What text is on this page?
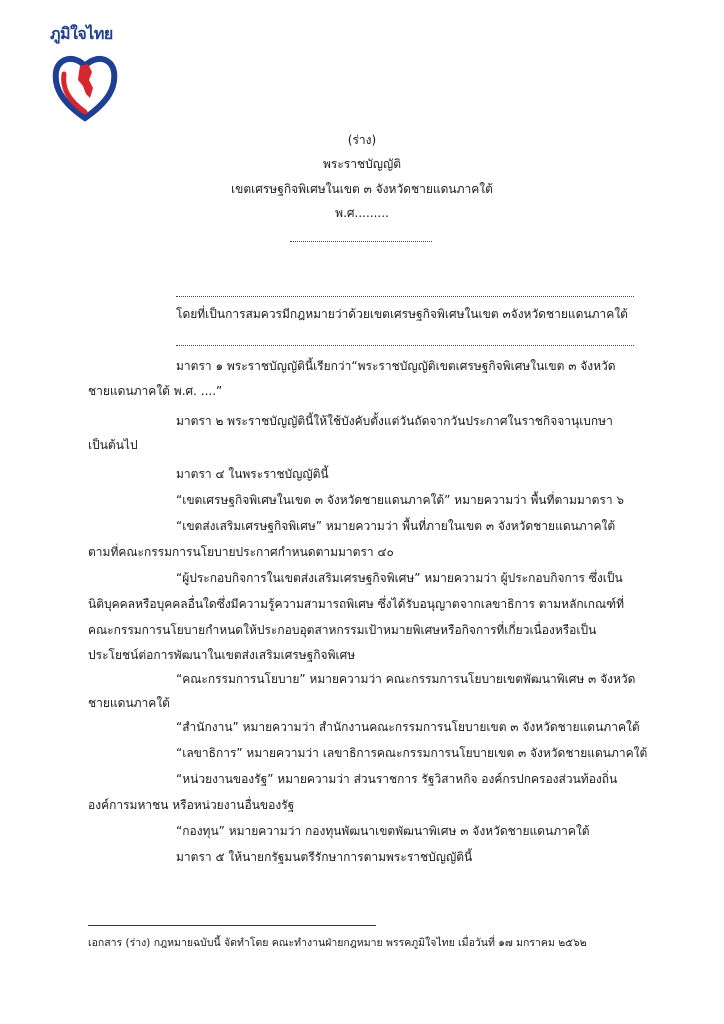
ภูมิใจไทย
(ร่าง)
พระราชบัญญัติ
เขตเศรษฐกิจพิเศษในเขต ๓ จังหวัดชายแดนภาคใต้
พ.ศ.........
โดยที่เป็นการสมควรมีกฎหมายว่าด้วยเขตเศรษฐกิจพิเศษในเขต ๓จังหวัดชายแดนภาคใต้
มาตรา ๑ พระราชบัญญัตินี้เรียกว่า“พระราชบัญญัติเขตเศรษฐกิจพิเศษในเขต ๓ จังหวัด
ชายแดนภาคใต้ พ.ศ. ....”
มาตรา ๒ พระราชบัญญัตินี้ให้ใช้บังคับตั้งแต่วันถัดจากวันประกาศในราชกิจจานุเบกษา
เป็นต้นไป
มาตรา ๔ ในพระราชบัญญัตินี้
“เขตเศรษฐกิจพิเศษในเขต ๓ จังหวัดชายแดนภาคใต้” หมายความว่า พื้นที่ตามมาตรา ๖
“เขตส่งเสริมเศรษฐกิจพิเศษ” หมายความว่า พื้นที่ภายในเขต ๓ จังหวัดชายแดนภาคใต้
ตามที่คณะกรรมการนโยบายประกาศกำหนดตามมาตรา ๔๐
“ผู้ประกอบกิจการในเขตส่งเสริมเศรษฐกิจพิเศษ” หมายความว่า ผู้ประกอบกิจการ ซึ่งเป็น
นิติบุคคลหรือบุคคลอื่นใดซึ่งมีความรู้ความสามารถพิเศษ ซึ่งได้รับอนุญาตจากเลขาธิการ ตามหลักเกณฑ์ที่
คณะกรรมการนโยบายกำหนดให้ประกอบอุตสาหกรรมเป้าหมายพิเศษหรือกิจการที่เกี่ยวเนื่องหรือเป็น
ประโยชน์ต่อการพัฒนาในเขตส่งเสริมเศรษฐกิจพิเศษ
“คณะกรรมการนโยบาย” หมายความว่า คณะกรรมการนโยบายเขตพัฒนาพิเศษ ๓ จังหวัด
ชายแดนภาคใต้
“สำนักงาน” หมายความว่า สำนักงานคณะกรรมการนโยบายเขต ๓ จังหวัดชายแดนภาคใต้
“เลขาธิการ” หมายความว่า เลขาธิการคณะกรรมการนโยบายเขต ๓ จังหวัดชายแดนภาคใต้
“หน่วยงานของรัฐ” หมายความว่า ส่วนราชการ รัฐวิสาหกิจ องค์กรปกครองส่วนท้องถิ่น
องค์การมหาชน หรือหน่วยงานอื่นของรัฐ
“กองทุน” หมายความว่า กองทุนพัฒนาเขตพัฒนาพิเศษ ๓ จังหวัดชายแดนภาคใต้
มาตรา ๕ ให้นายกรัฐมนตรีรักษาการตามพระราชบัญญัตินี้
เอกสาร (ร่าง) กฎหมายฉบับนี้ จัดทำโดย คณะทำงานฝ่ายกฎหมาย พรรคภูมิใจไทย เมื่อวันที่ ๑๗ มกราคม ๒๕๖๒
